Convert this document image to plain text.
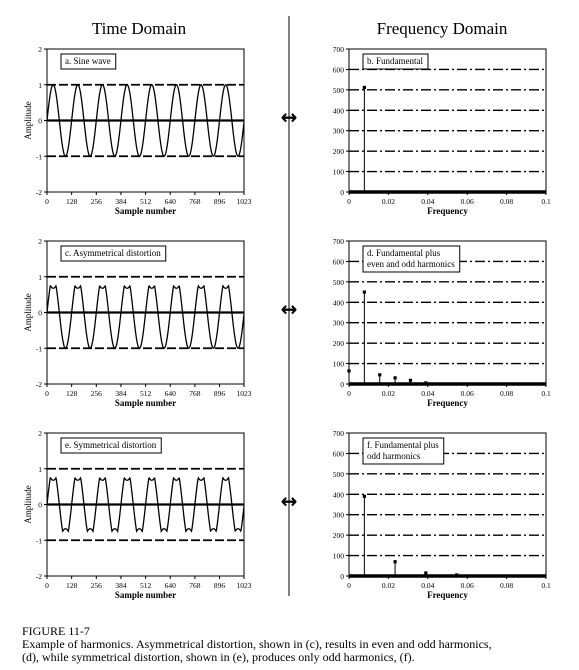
Time Domain	Frequency Domain
-2
-1
0
1
2
0 128 256 384 512 640 768 896 1023
Sample number
Amplitude
a. Sine wave
0
100
200
300
400
500
600
700
0	0.02	0.04	0.06	0.08	0.1
Frequency
b. Fundamental
-2
-1
0
1
2
0 128 256 384 512 640 768 896 1023
Sample number
Amplitude
c. Asymmetrical distortion
0
100
200
300
400
500
600
700
0	0.02	0.04	0.06	0.08	0.1
Frequency
d. Fundamental plus
even and odd harmonics
-2
-1
0
1
2
0 128 256 384 512 640 768 896 1023
Sample number
Amplitude
e. Symmetrical distortion
0
100
200
300
400
500
600
700
0	0.02	0.04	0.06	0.08	0.1
Frequency
f. Fundamental plus
odd harmonics
↔
↔
↔
FIGURE 11-7
Example of harmonics. Asymmetrical distortion, shown in (c), results in even and odd harmonics,
(d), while symmetrical distortion, shown in (e), produces only odd harmonics, (f).
